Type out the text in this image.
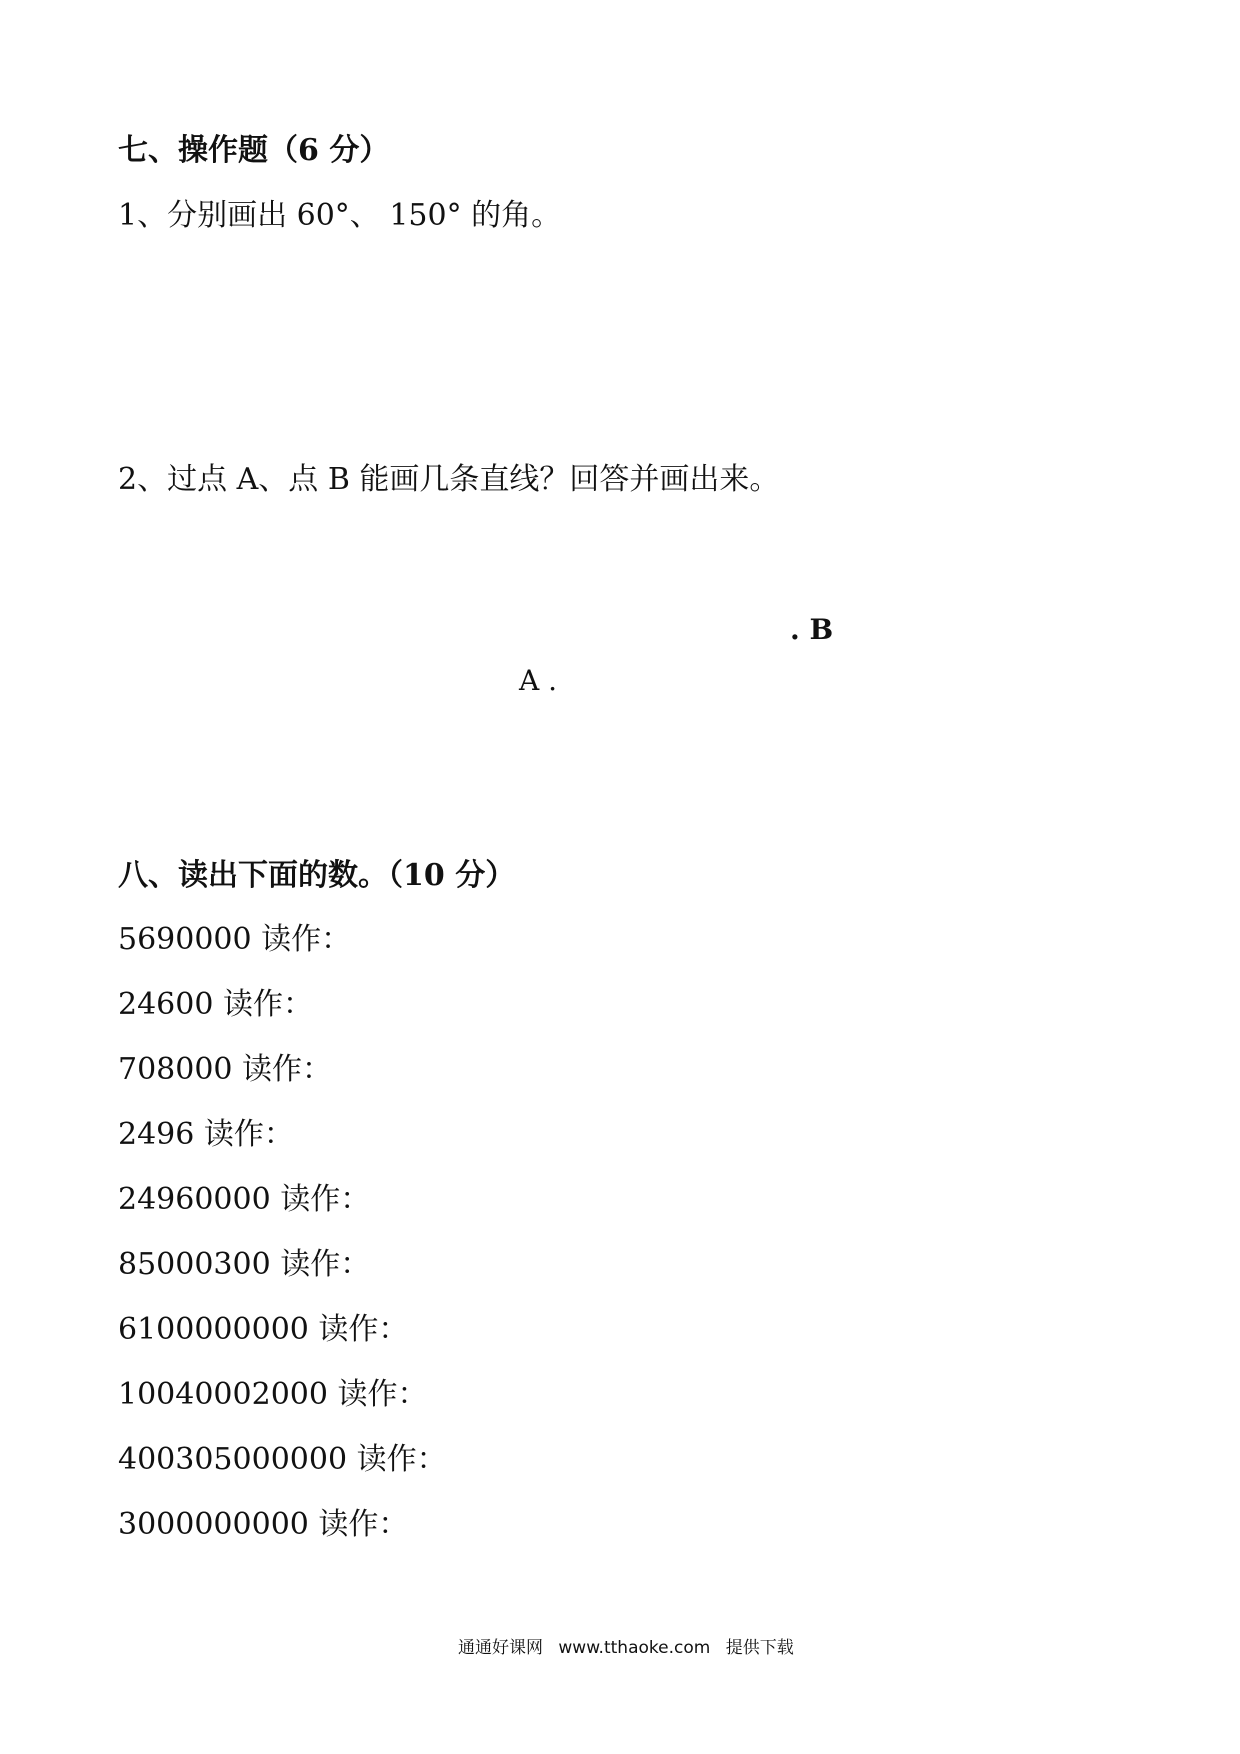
七、操作题（6 分）
1、分别画出 60°、 150° 的角。
2、过点 A、点 B 能画几条直线？回答并画出来。
. B
A .
八、读出下面的数。（10 分）
5690000 读作：
24600 读作：
708000 读作：
2496 读作：
24960000 读作：
85000300 读作：
6100000000 读作：
10040002000 读作：
400305000000 读作：
3000000000 读作：
通通好课网 www.tthaoke.com 提供下载
